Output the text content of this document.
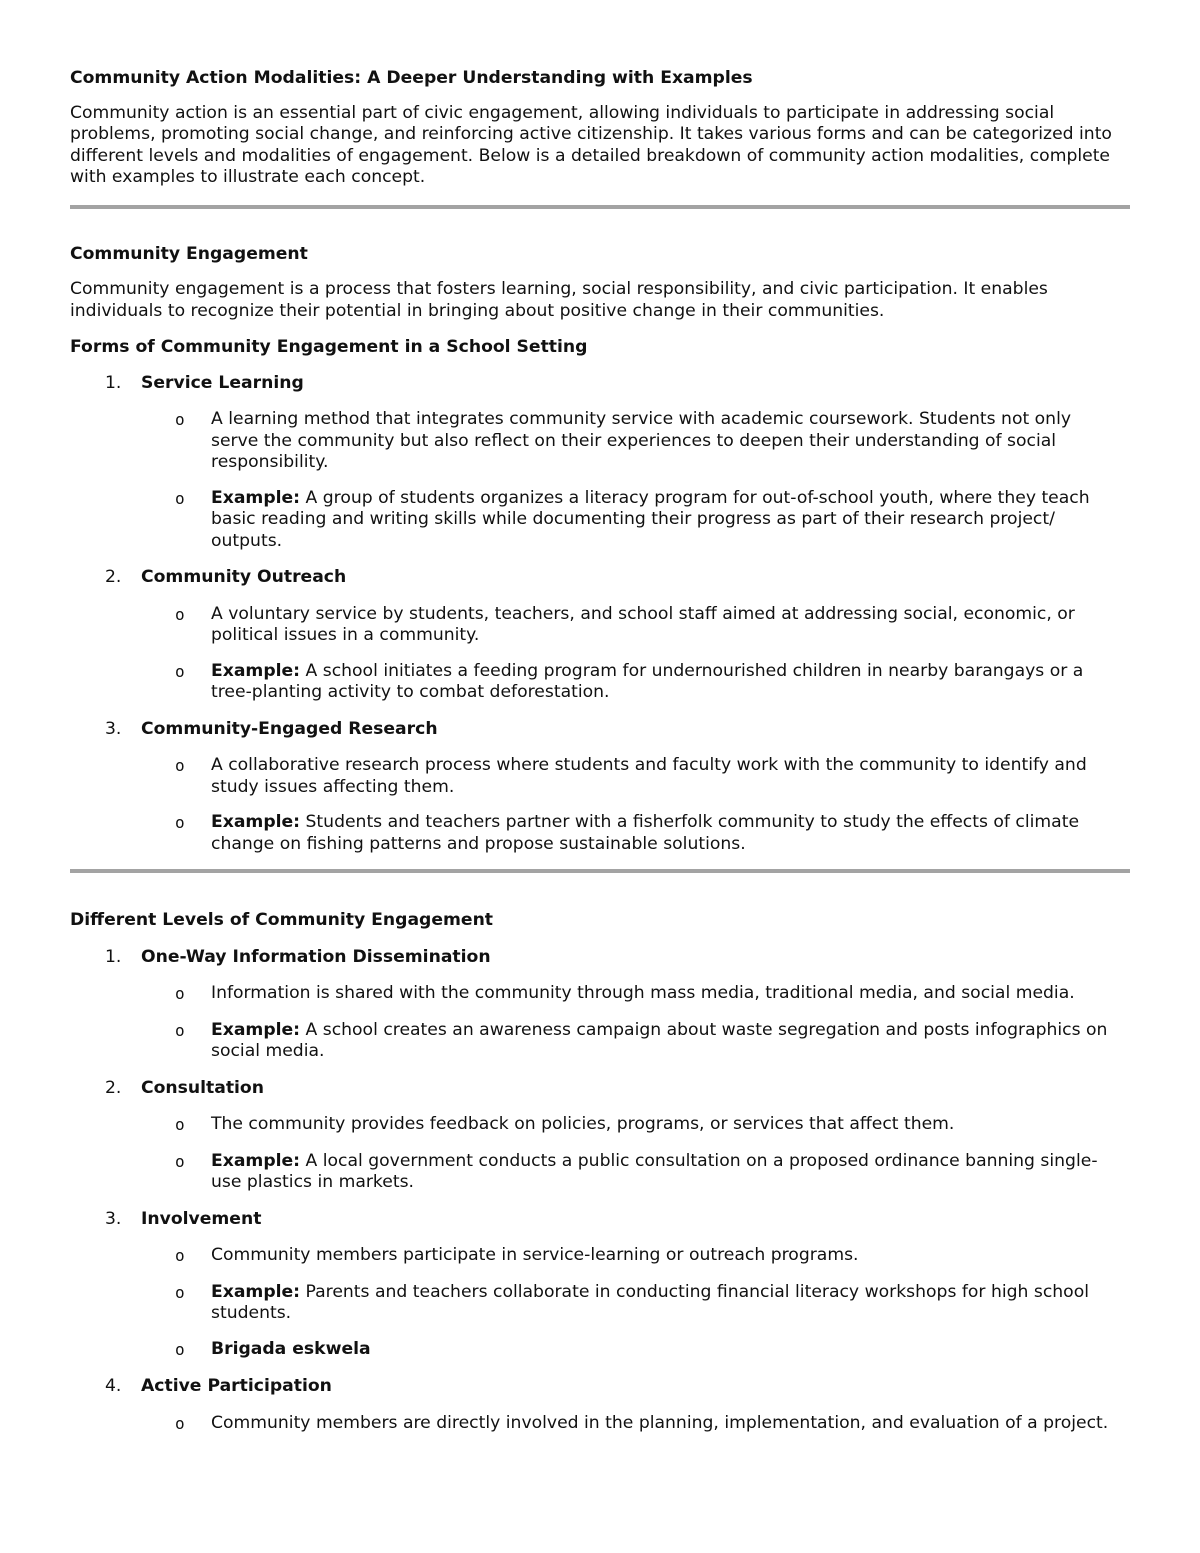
Community Action Modalities: A Deeper Understanding with Examples

Community action is an essential part of civic engagement, allowing individuals to participate in addressing social problems, promoting social change, and reinforcing active citizenship. It takes various forms and can be categorized into different levels and modalities of engagement. Below is a detailed breakdown of community action modalities, complete with examples to illustrate each concept.

Community Engagement

Community engagement is a process that fosters learning, social responsibility, and civic participation. It enables individuals to recognize their potential in bringing about positive change in their communities.

Forms of Community Engagement in a School Setting
1.	Service Learning
o A learning method that integrates community service with academic coursework. Students not only serve the community but also reflect on their experiences to deepen their understanding of social responsibility.
o Example: A group of students organizes a literacy program for out-of-school youth, where they teach basic reading and writing skills while documenting their progress as part of their research project/ outputs.
2.	Community Outreach
o A voluntary service by students, teachers, and school staff aimed at addressing social, economic, or political issues in a community.
o Example: A school initiates a feeding program for undernourished children in nearby barangays or a tree-planting activity to combat deforestation.
3.	Community-Engaged Research
o A collaborative research process where students and faculty work with the community to identify and study issues affecting them.
o Example: Students and teachers partner with a fisherfolk community to study the effects of climate change on fishing patterns and propose sustainable solutions.
Different Levels of Community Engagement
1.	One-Way Information Dissemination
o Information is shared with the community through mass media, traditional media, and social media.
o Example: A school creates an awareness campaign about waste segregation and posts infographics on social media.
2.	Consultation
o The community provides feedback on policies, programs, or services that affect them.
o Example: A local government conducts a public consultation on a proposed ordinance banning single-use plastics in markets.
3.	Involvement
o Community members participate in service-learning or outreach programs.
o Example: Parents and teachers collaborate in conducting financial literacy workshops for high school students.
o Brigada eskwela
4.	Active Participation
o Community members are directly involved in the planning, implementation, and evaluation of a project.
